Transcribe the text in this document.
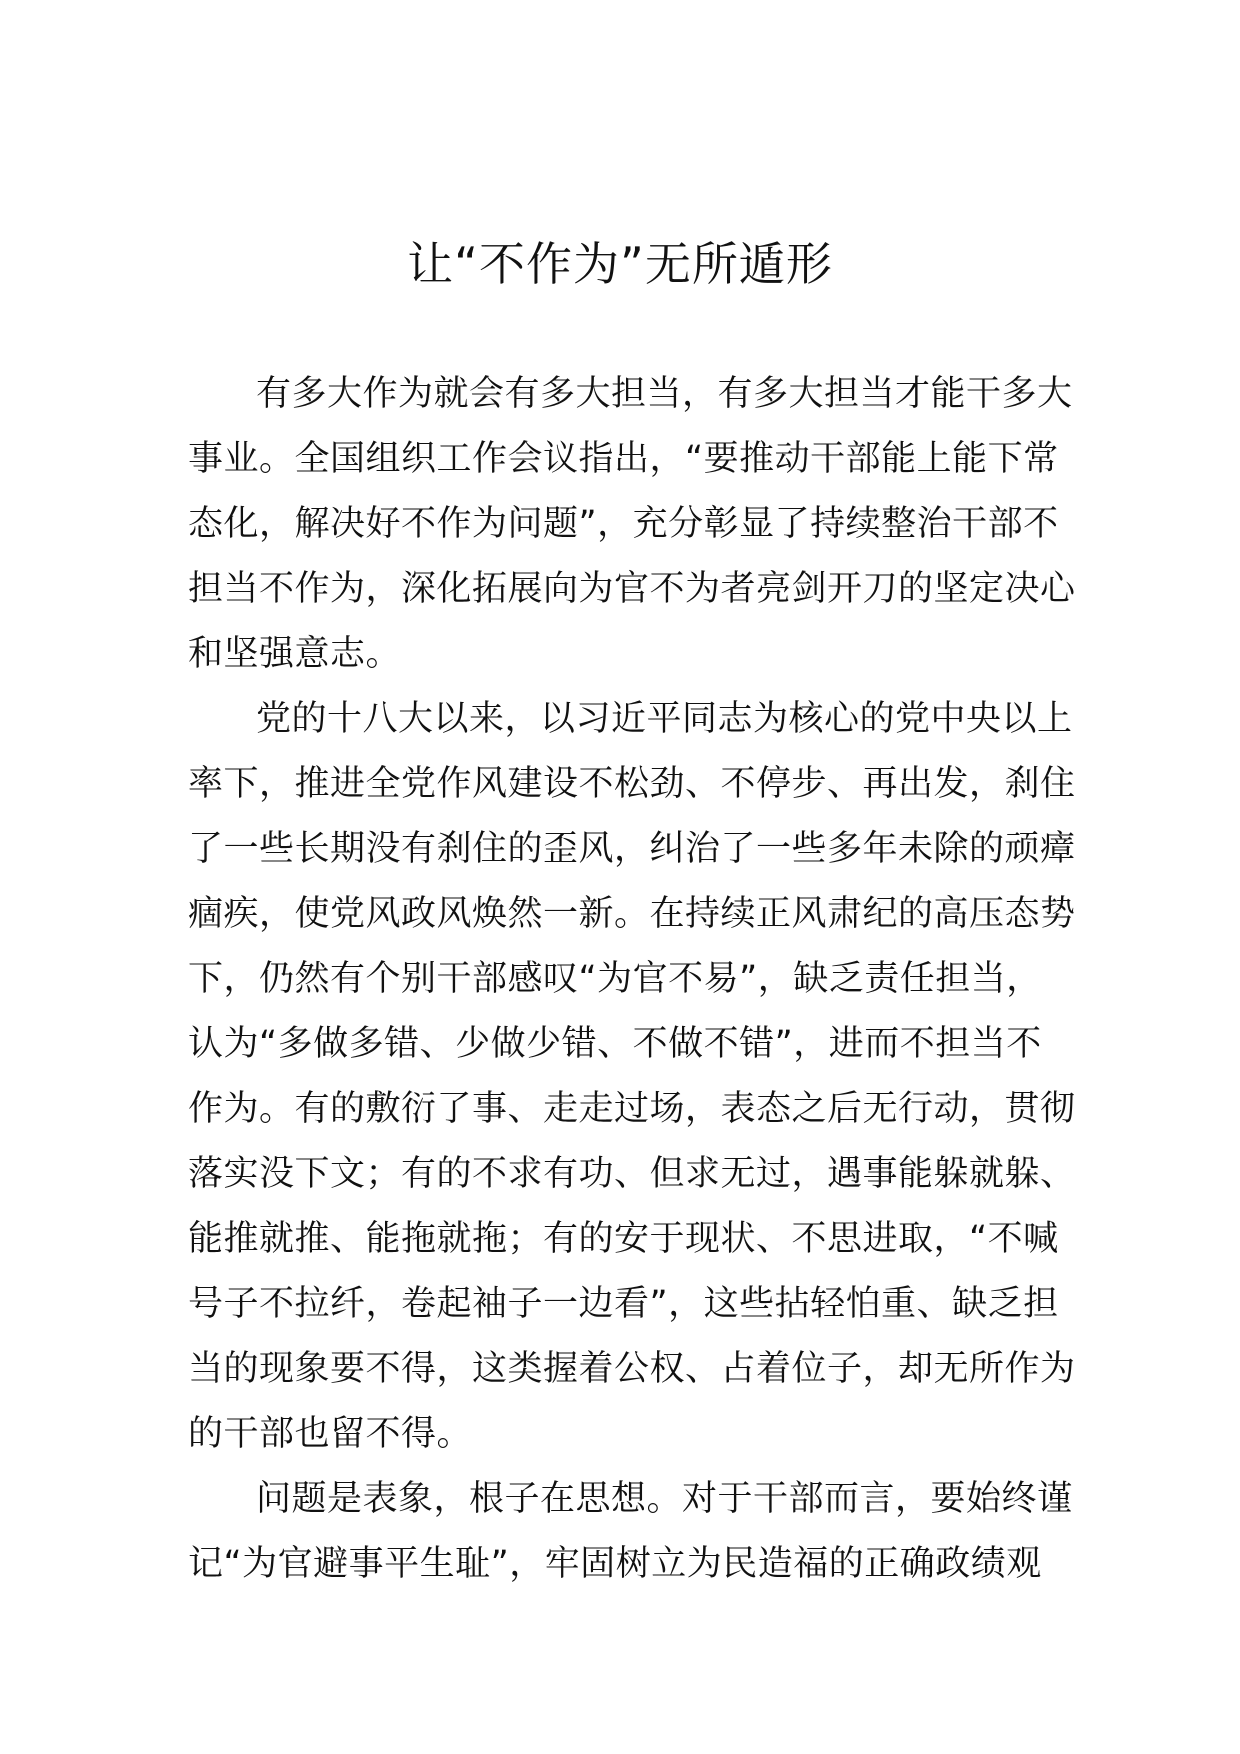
让“不作为”无所遁形
有多大作为就会有多大担当，有多大担当才能干多大
事业。全国组织工作会议指出，“要推动干部能上能下常
态化，解决好不作为问题”，充分彰显了持续整治干部不
担当不作为，深化拓展向为官不为者亮剑开刀的坚定决心
和坚强意志。
党的十八大以来，以习近平同志为核心的党中央以上
率下，推进全党作风建设不松劲、不停步、再出发，刹住
了一些长期没有刹住的歪风，纠治了一些多年未除的顽瘴
痼疾，使党风政风焕然一新。在持续正风肃纪的高压态势
下，仍然有个别干部感叹“为官不易”，缺乏责任担当，
认为“多做多错、少做少错、不做不错”，进而不担当不
作为。有的敷衍了事、走走过场，表态之后无行动，贯彻
落实没下文；有的不求有功、但求无过，遇事能躲就躲、
能推就推、能拖就拖；有的安于现状、不思进取，“不喊
号子不拉纤，卷起袖子一边看”，这些拈轻怕重、缺乏担
当的现象要不得，这类握着公权、占着位子，却无所作为
的干部也留不得。
问题是表象，根子在思想。对于干部而言，要始终谨
记“为官避事平生耻”，牢固树立为民造福的正确政绩观
